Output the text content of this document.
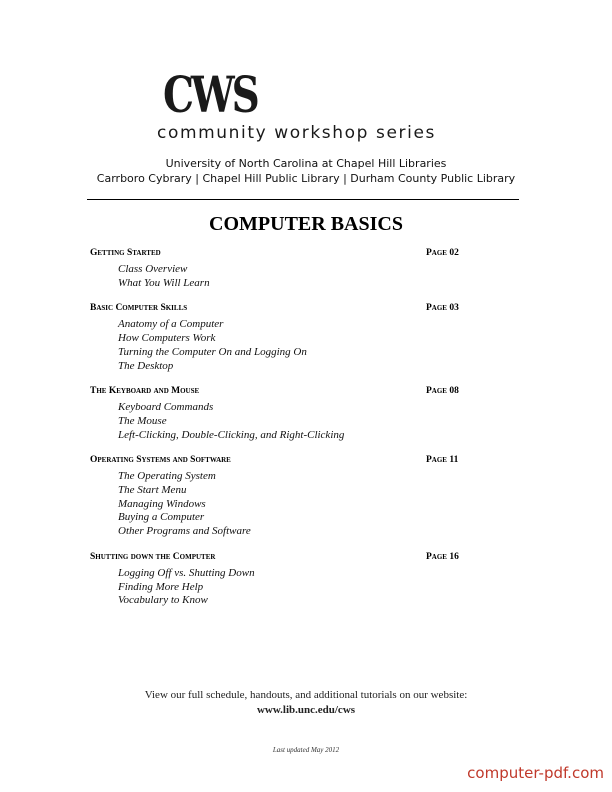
CWS
community workshop series
University of North Carolina at Chapel Hill Libraries
Carrboro Cybrary | Chapel Hill Public Library | Durham County Public Library
COMPUTER BASICS
Getting Started	Page 02
Class Overview
What You Will Learn
Basic Computer Skills	Page 03
Anatomy of a Computer
How Computers Work
Turning the Computer On and Logging On
The Desktop
The Keyboard and Mouse	Page 08
Keyboard Commands
The Mouse
Left-Clicking, Double-Clicking, and Right-Clicking
Operating Systems and Software	Page 11
The Operating System
The Start Menu
Managing Windows
Buying a Computer
Other Programs and Software
Shutting down the Computer	Page 16
Logging Off vs. Shutting Down
Finding More Help
Vocabulary to Know
View our full schedule, handouts, and additional tutorials on our website:
www.lib.unc.edu/cws
Last updated May 2012
computer-pdf.com
